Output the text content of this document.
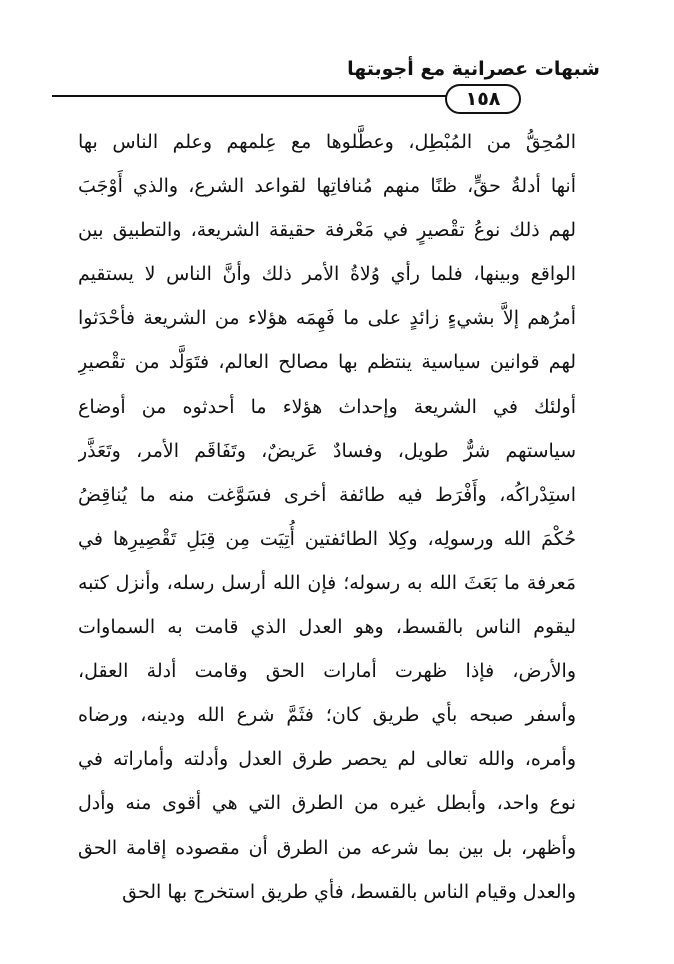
شبهات عصرانية مع أجوبتها
١٥٨
المُحِقُّ من المُبْطِل، وعطَّلوها مع عِلمهم وعلم الناس بها
أنها أدلةُ حقٍّ، ظنًا منهم مُنافاتِها لقواعد الشرع، والذي أَوْجَبَ
لهم ذلك نوعُ تقْصيرٍ في مَعْرفة حقيقة الشريعة، والتطبيق بين
الواقع وبينها، فلما رأي وُلاةُ الأمر ذلك وأنَّ الناس لا يستقيم
أمرُهم إلاَّ بشيءٍ زائدٍ على ما فَهِمَه هؤلاء من الشريعة فأحْدَثوا
لهم قوانين سياسية ينتظم بها مصالح العالم، فتَوَلَّد من تقْصيرِ
أولئك في الشريعة وإحداث هؤلاء ما أحدثوه من أوضاع
سياستهم شرٌّ طويل، وفسادٌ عَريضٌ، وتَفَاقَم الأمر، وتَعَذَّر
استِدْراكُه، وأَفْرَط فيه طائفة أخرى فسَوَّغت منه ما يُناقِضُ
حُكْمَ الله ورسولِه، وكِلا الطائفتين أُتِيَت مِن قِبَلِ تَقْصِيرِها في
مَعرفة ما بَعَثَ الله به رسوله؛ فإن الله أرسل رسله، وأنزل كتبه
ليقوم الناس بالقسط، وهو العدل الذي قامت به السماوات
والأرض، فإذا ظهرت أمارات الحق وقامت أدلة العقل،
وأسفر صبحه بأي طريق كان؛ فثَمَّ شرع الله ودينه، ورضاه
وأمره، والله تعالى لم يحصر طرق العدل وأدلته وأماراته في
نوع واحد، وأبطل غيره من الطرق التي هي أقوى منه وأدل
وأظهر، بل بين بما شرعه من الطرق أن مقصوده إقامة الحق
والعدل وقيام الناس بالقسط، فأي طريق استخرج بها الحق
